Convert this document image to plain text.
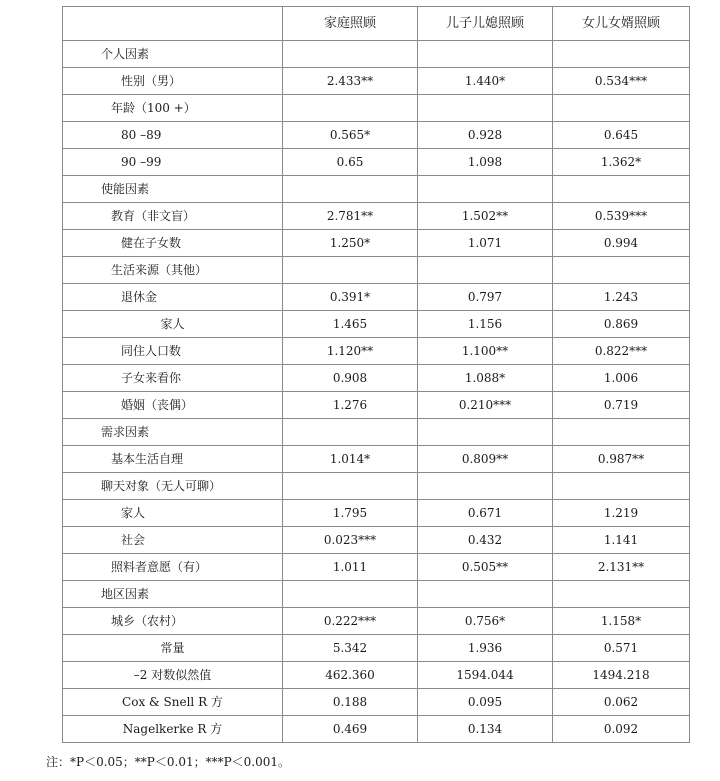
	家庭照顾	儿子儿媳照顾	女儿女婿照顾
个人因素			
性别（男）	2.433**	1.440*	0.534***
年龄（100 +）			
80 –89	0.565*	0.928	0.645
90 –99	0.65	1.098	1.362*
使能因素			
教育（非文盲）	2.781**	1.502**	0.539***
健在子女数	1.250*	1.071	0.994
生活来源（其他）			
退休金	0.391*	0.797	1.243
家人	1.465	1.156	0.869
同住人口数	1.120**	1.100**	0.822***
子女来看你	0.908	1.088*	1.006
婚姻（丧偶）	1.276	0.210***	0.719
需求因素			
基本生活自理	1.014*	0.809**	0.987**
聊天对象（无人可聊）			
家人	1.795	0.671	1.219
社会	0.023***	0.432	1.141
照料者意愿（有）	1.011	0.505**	2.131**
地区因素			
城乡（农村）	0.222***	0.756*	1.158*
常量	5.342	1.936	0.571
–2 对数似然值	462.360	1594.044	1494.218
Cox & Snell R 方	0.188	0.095	0.062
Nagelkerke R 方	0.469	0.134	0.092
注：*P＜0.05；**P＜0.01；***P＜0.001。
